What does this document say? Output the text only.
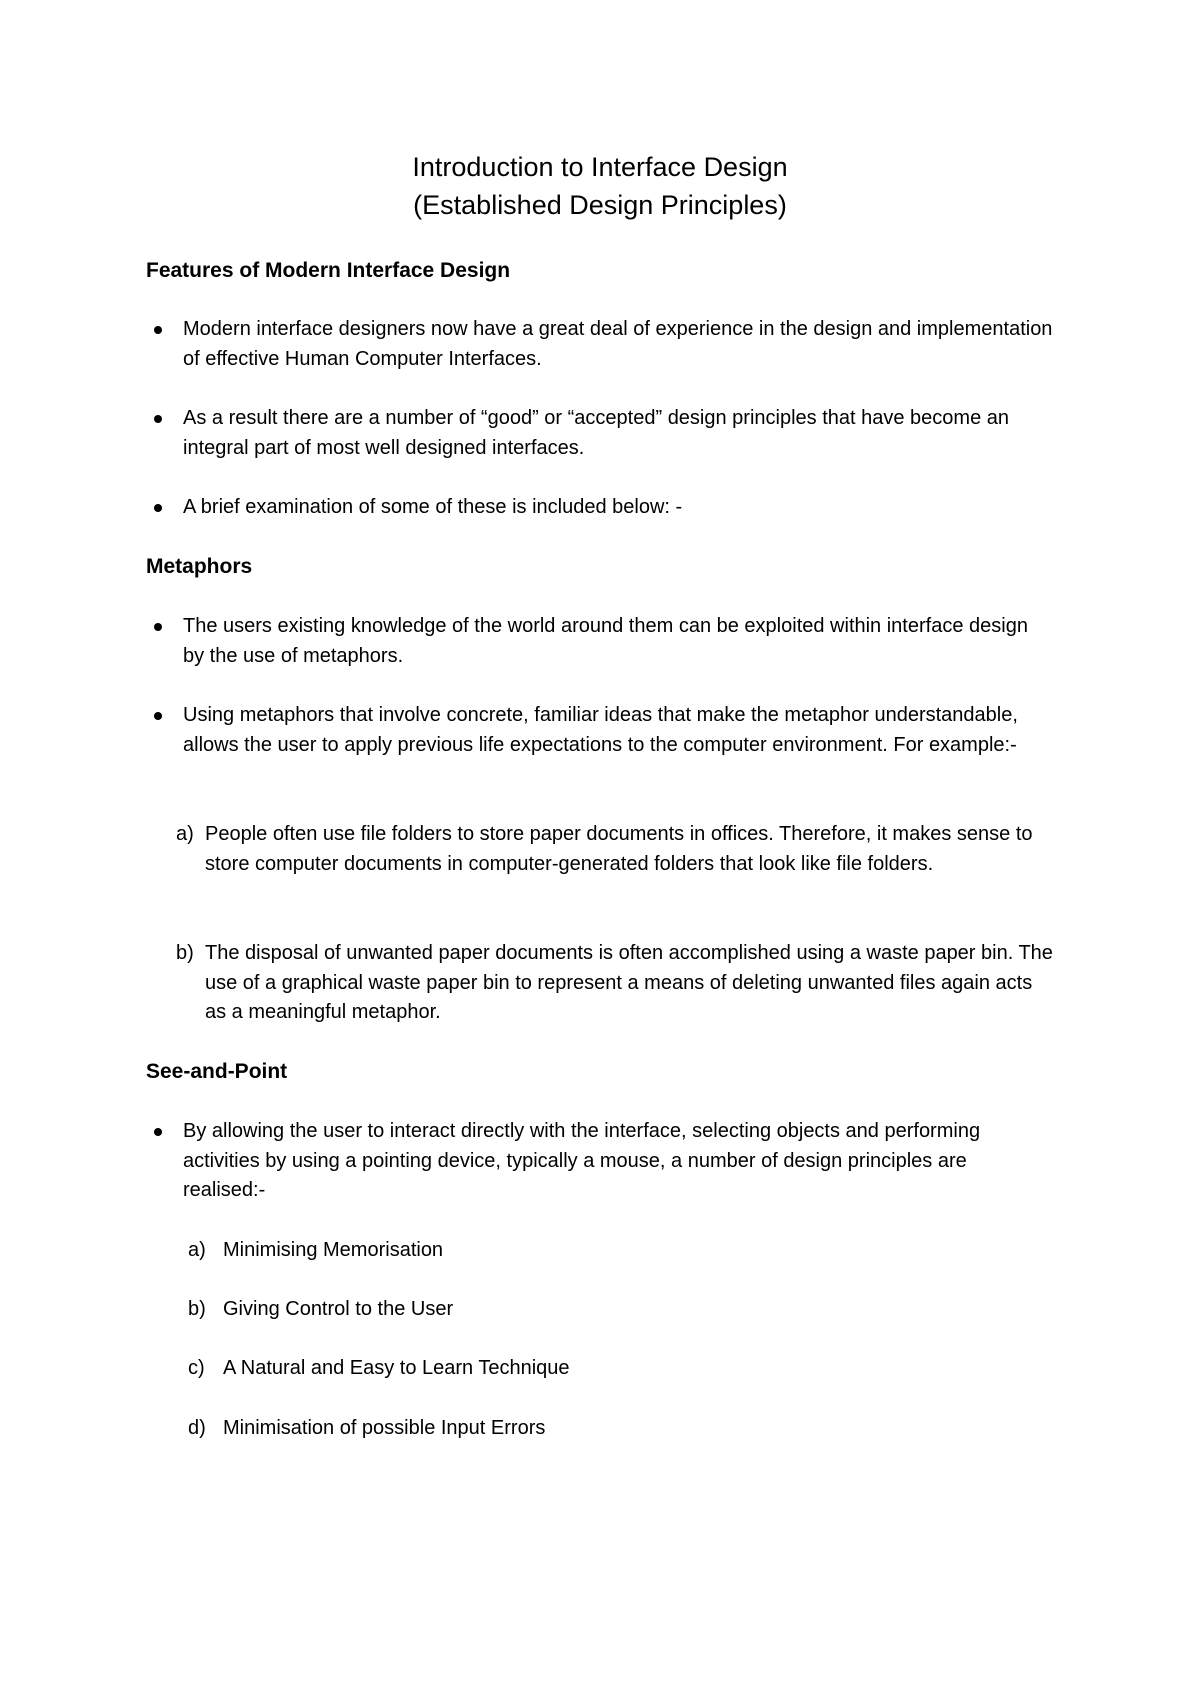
Introduction to Interface Design
(Established Design Principles)
Features of Modern Interface Design
Modern interface designers now have a great deal of experience in the design and implementation of effective Human Computer Interfaces.
As a result there are a number of “good” or “accepted” design principles that have become an integral part of most well designed interfaces.
A brief examination of some of these is included below: -
Metaphors
The users existing knowledge of the world around them can be exploited within interface design by the use of metaphors.
Using metaphors that involve concrete, familiar ideas that make the metaphor understandable, allows the user to apply previous life expectations to the computer environment. For example:-
a) People often use file folders to store paper documents in offices. Therefore, it makes sense to store computer documents in computer-generated folders that look like file folders.
b) The disposal of unwanted paper documents is often accomplished using a waste paper bin. The use of a graphical waste paper bin to represent a means of deleting unwanted files again acts as a meaningful metaphor.
See-and-Point
By allowing the user to interact directly with the interface, selecting objects and performing activities by using a pointing device, typically a mouse, a number of design principles are realised:-
a) Minimising Memorisation
b) Giving Control to the User
c) A Natural and Easy to Learn Technique
d) Minimisation of possible Input Errors
